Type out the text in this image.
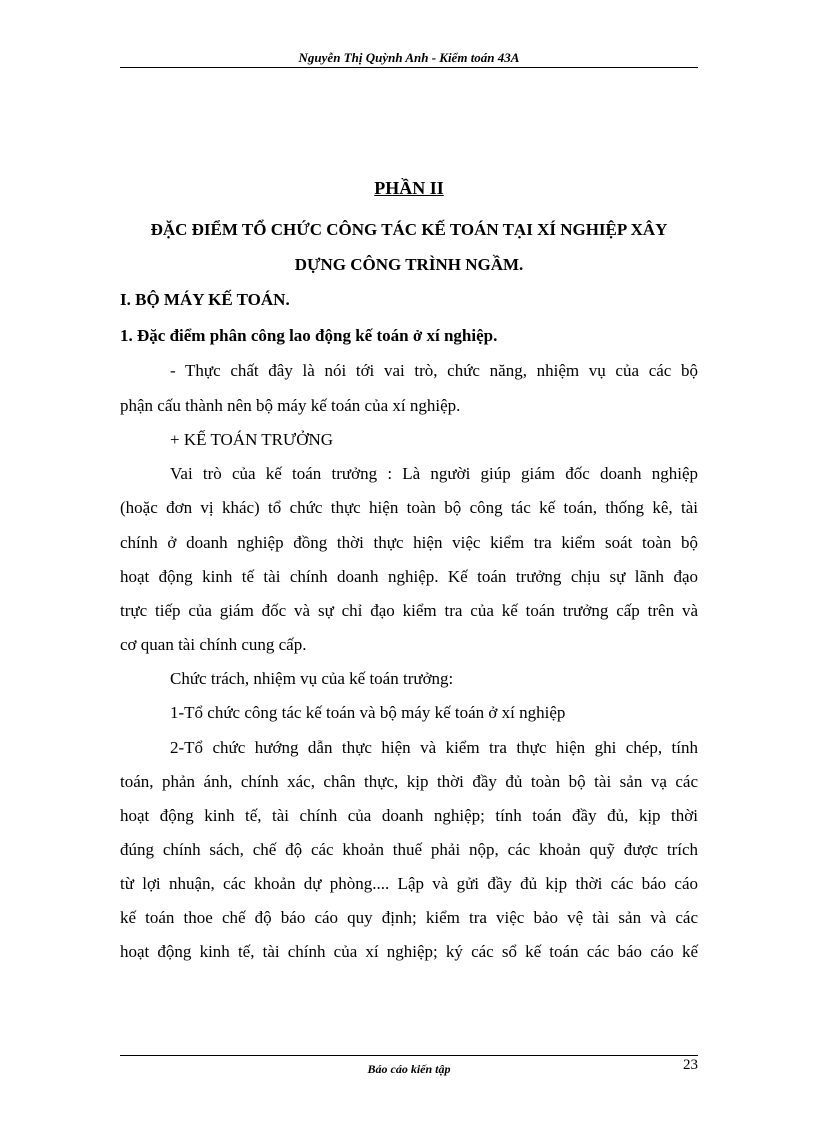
Nguyễn Thị Quỳnh Anh - Kiểm toán 43A
PHẦN II
ĐẶC ĐIỂM TỔ CHỨC CÔNG TÁC KẾ TOÁN TẠI XÍ NGHIỆP XÂY
DỰNG CÔNG TRÌNH NGẦM.
I. BỘ MÁY KẾ TOÁN.
1. Đặc điểm phân công lao động kế toán ở xí nghiệp.
- Thực chất đây là nói tới vai trò, chức năng, nhiệm vụ của các bộ
phận cấu thành nên bộ máy kế toán của xí nghiệp.
+ KẾ TOÁN TRƯỞNG
Vai trò của kế toán trưởng : Là người giúp giám đốc doanh nghiệp
(hoặc đơn vị khác) tổ chức thực hiện toàn bộ công tác kế toán, thống kê, tài
chính ở doanh nghiệp đồng thời thực hiện việc kiểm tra kiểm soát toàn bộ
hoạt động kinh tế tài chính doanh nghiệp. Kế toán trưởng chịu sự lãnh đạo
trực tiếp của giám đốc và sự chỉ đạo kiểm tra của kế toán trưởng cấp trên và
cơ quan tài chính cung cấp.
Chức trách, nhiệm vụ của kế toán trưởng:
1-Tổ chức công tác kế toán và bộ máy kế toán ở xí nghiệp
2-Tổ chức hướng dẫn thực hiện và kiểm tra thực hiện ghi chép, tính
toán, phản ánh, chính xác, chân thực, kịp thời đầy đủ toàn bộ tài sản vạ các
hoạt động kinh tế, tài chính của doanh nghiệp; tính toán đầy đủ, kịp thời
đúng chính sách, chế độ các khoản thuế phải nộp, các khoản quỹ được trích
từ lợi nhuận, các khoản dự phòng.... Lập và gửi đầy đủ kịp thời các báo cáo
kế toán thoe chế độ báo cáo quy định; kiểm tra việc bảo vệ tài sản và các
hoạt động kinh tế, tài chính của xí nghiệp; ký các sổ kế toán các báo cáo kế
Báo cáo kiến tập	23
